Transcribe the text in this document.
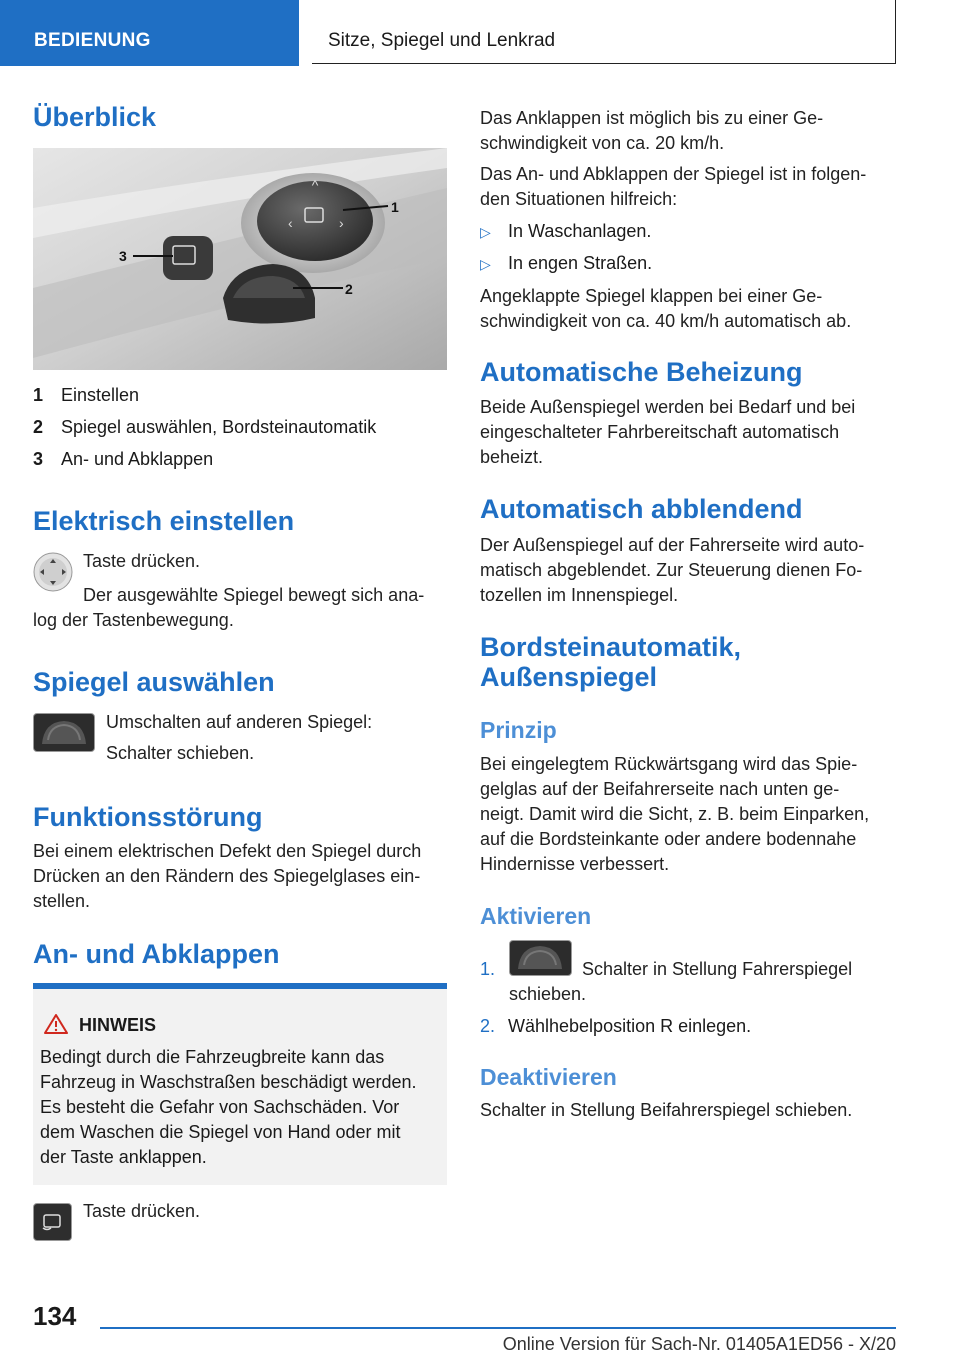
BEDIENUNG	Sitze, Spiegel und Lenkrad
Überblick
^
‹	›
1
2
3
1 Einstellen
2 Spiegel auswählen, Bordsteinautomatik
3 An- und Abklappen
Elektrisch einstellen
Taste drücken.
Der ausgewählte Spiegel bewegt sich ana-
log der Tastenbewegung.
Spiegel auswählen
Umschalten auf anderen Spiegel:
Schalter schieben.
Funktionsstörung
Bei einem elektrischen Defekt den Spiegel durch
Drücken an den Rändern des Spiegelglases ein-
stellen.
An- und Abklappen
HINWEIS
Bedingt durch die Fahrzeugbreite kann das
Fahrzeug in Waschstraßen beschädigt werden.
Es besteht die Gefahr von Sachschäden. Vor
dem Waschen die Spiegel von Hand oder mit
der Taste anklappen.
Taste drücken.
Das Anklappen ist möglich bis zu einer Ge-
schwindigkeit von ca. 20 km/h.
Das An- und Abklappen der Spiegel ist in folgen-
den Situationen hilfreich:
▷ In Waschanlagen.
▷ In engen Straßen.
Angeklappte Spiegel klappen bei einer Ge-
schwindigkeit von ca. 40 km/h automatisch ab.
Automatische Beheizung
Beide Außenspiegel werden bei Bedarf und bei
eingeschalteter Fahrbereitschaft automatisch
beheizt.
Automatisch abblendend
Der Außenspiegel auf der Fahrerseite wird auto-
matisch abgeblendet. Zur Steuerung dienen Fo-
tozellen im Innenspiegel.
Bordsteinautomatik,
Außenspiegel
Prinzip
Bei eingelegtem Rückwärtsgang wird das Spie-
gelglas auf der Beifahrerseite nach unten ge-
neigt. Damit wird die Sicht, z. B. beim Einparken,
auf die Bordsteinkante oder andere bodennahe
Hindernisse verbessert.
Aktivieren
1.	Schalter in Stellung Fahrerspiegel
schieben.
2. Wählhebelposition R einlegen.
Deaktivieren
Schalter in Stellung Beifahrerspiegel schieben.
134
Online Version für Sach-Nr. 01405A1ED56 - X/20
